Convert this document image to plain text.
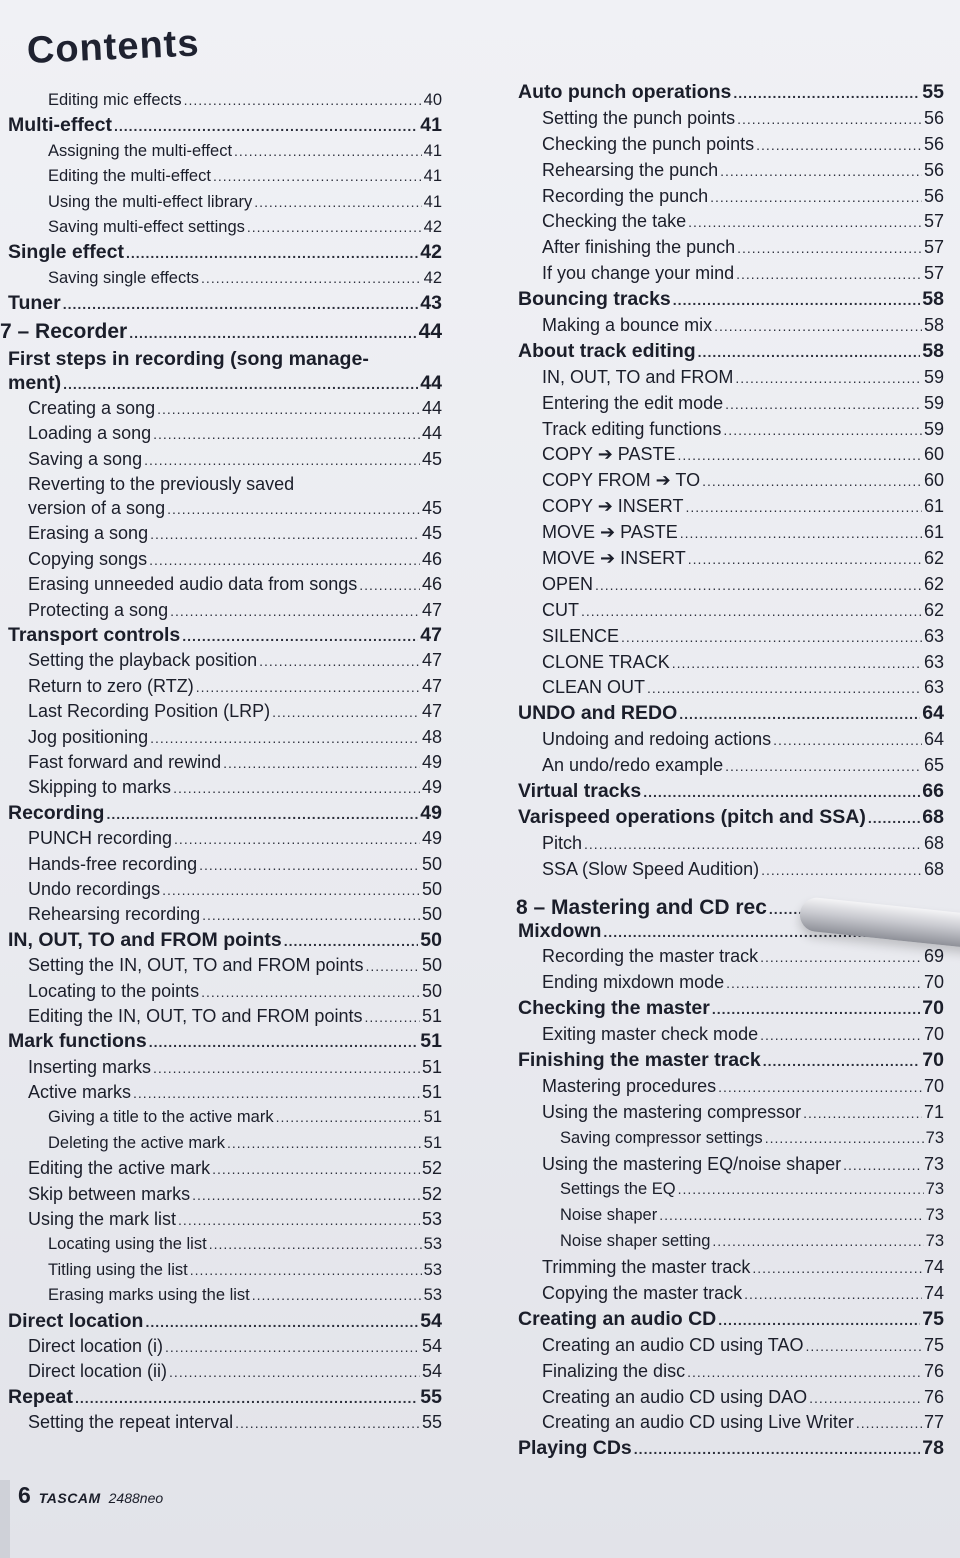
Contents
Editing mic effects .....	40
Multi-effect .....	41
Assigning the multi-effect .....	41
Editing the multi-effect .....	41
Using the multi-effect library .....	41
Saving multi-effect settings .....	42
Single effect .....	42
Saving single effects .....	42
Tuner .....	43
7 – Recorder .....	44
First steps in recording (song manage-
ment) .....	44
Creating a song .....	44
Loading a song .....	44
Saving a song .....	45
Reverting to the previously saved
version of a song .....	45
Erasing a song .....	45
Copying songs .....	46
Erasing unneeded audio data from songs .....	46
Protecting a song .....	47
Transport controls .....	47
Setting the playback position .....	47
Return to zero (RTZ) .....	47
Last Recording Position (LRP) .....	47
Jog positioning .....	48
Fast forward and rewind .....	49
Skipping to marks .....	49
Recording .....	49
PUNCH recording .....	49
Hands-free recording .....	50
Undo recordings .....	50
Rehearsing recording .....	50
IN, OUT, TO and FROM points .....	50
Setting the IN, OUT, TO and FROM points .....	50
Locating to the points .....	50
Editing the IN, OUT, TO and FROM points .....	51
Mark functions .....	51
Inserting marks .....	51
Active marks .....	51
Giving a title to the active mark .....	51
Deleting the active mark .....	51
Editing the active mark .....	52
Skip between marks .....	52
Using the mark list .....	53
Locating using the list .....	53
Titling using the list .....	53
Erasing marks using the list .....	53
Direct location .....	54
Direct location (i) .....	54
Direct location (ii) .....	54
Repeat .....	55
Setting the repeat interval .....	55
Auto punch operations .....	55
Setting the punch points .....	56
Checking the punch points .....	56
Rehearsing the punch .....	56
Recording the punch .....	56
Checking the take .....	57
After finishing the punch .....	57
If you change your mind .....	57
Bouncing tracks .....	58
Making a bounce mix .....	58
About track editing .....	58
IN, OUT, TO and FROM .....	59
Entering the edit mode .....	59
Track editing functions .....	59
COPY ➔ PASTE .....	60
COPY FROM ➔ TO .....	60
COPY ➔ INSERT .....	61
MOVE ➔ PASTE .....	61
MOVE ➔ INSERT .....	62
OPEN .....	62
CUT .....	62
SILENCE .....	63
CLONE TRACK .....	63
CLEAN OUT .....	63
UNDO and REDO .....	64
Undoing and redoing actions .....	64
An undo/redo example .....	65
Virtual tracks .....	66
Varispeed operations (pitch and SSA) .....	68
Pitch .....	68
SSA (Slow Speed Audition) .....	68
8 – Mastering and CD rec
.....
Mixdown
.....
Recording the master track .....	69
Ending mixdown mode .....	70
Checking the master .....	70
Exiting master check mode .....	70
Finishing the master track .....	70
Mastering procedures .....	70
Using the mastering compressor .....	71
Saving compressor settings .....	73
Using the mastering EQ/noise shaper .....	73
Settings the EQ .....	73
Noise shaper .....	73
Noise shaper setting .....	73
Trimming the master track .....	74
Copying the master track .....	74
Creating an audio CD .....	75
Creating an audio CD using TAO .....	75
Finalizing the disc .....	76
Creating an audio CD using DAO .....	76
Creating an audio CD using Live Writer .....	77
Playing CDs .....	78
6 TASCAM 2488neo
